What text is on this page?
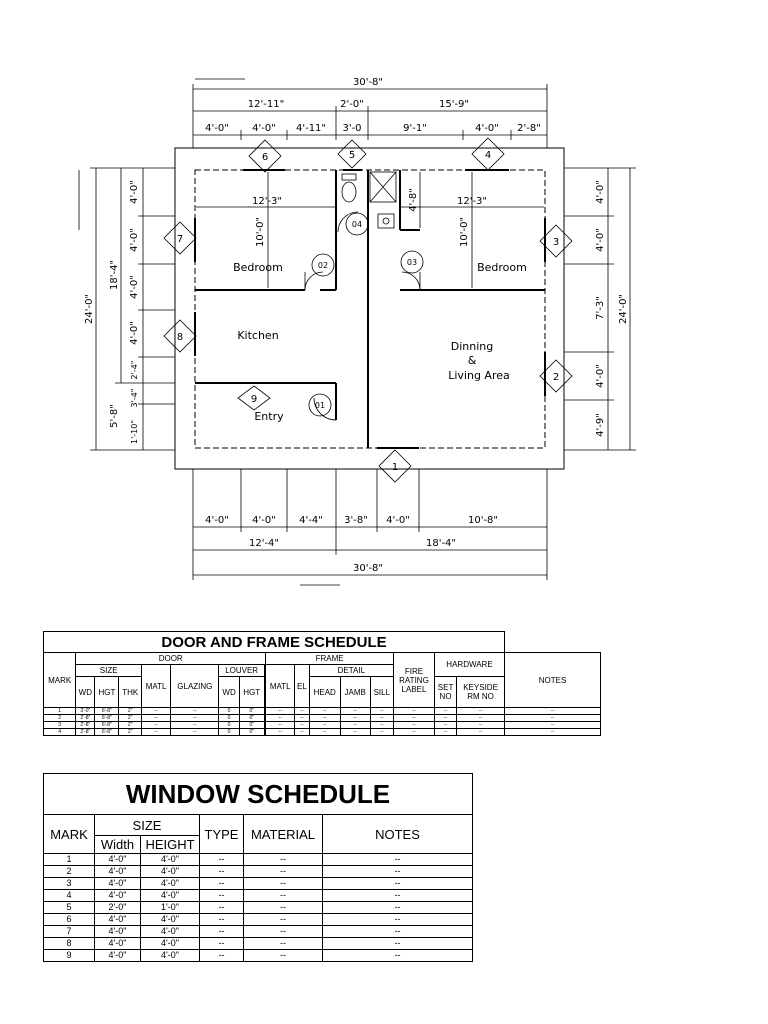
30'-8"
12'-11"	2'-0"	15'-9"
4'-0" 4'-0" 4'-11" 3'-0	9'-1"	4'-0" 2'-8"
4'-0" 4'-0" 4'-4" 3'-8" 4'-0"	10'-8"
12'-4"	18'-4"
30'-8"
12'-3"	12'-3"
24'-0"
18'-4"
5'-8"
4'-0"
4'-0"
4'-0"
4'-0"
2'-4"
3'-4"
1'-10"
4'-0"
4'-0"
7'-3"
4'-0"
4'-9"
24'-0"
10'-0"	10'-0"
4'-8"
Bedroom	Bedroom
Kitchen
Entry
Dinning
&
Living Area
1
2
3
4
5
6
7
8
9
01
02	03
04
DOOR AND FRAME SCHEDULE																
MARK	DOOR							FRAME					FIRE
RATING
LABEL	HARDWARE		NOTES
	SIZE			MATL	GLAZING	LOUVER		MATL	EL	DETAIL						
	WD	HGT	THK			WD	HGT			HEAD	JAMB	SILL		SET
NO	KEYSIDE
RM NO	
1	3'-0"	6'-8"	2"	--	--	0	0"		--	--	--	--	--	--	--	--	--
2	2'-8"	6'-8"	2"	--	--	0	0"		--	--	--	--	--	--	--	--	--
3	2'-8"	6'-8"	2"	--	--	0	0"		--	--	--	--	--	--	--	--	--
4	2'-8"	6'-8"	2"	--	--	0	0"		--	--	--	--	--	--	--	--	--
WINDOW SCHEDULE					
MARK	SIZE		TYPE	MATERIAL	NOTES
	Width	HEIGHT			
1	4'-0"	4'-0"	--	--	--
2	4'-0"	4'-0"	--	--	--
3	4'-0"	4'-0"	--	--	--
4	4'-0"	4'-0"	--	--	--
5	2'-0"	1'-0"	--	--	--
6	4'-0"	4'-0"	--	--	--
7	4'-0"	4'-0"	--	--	--
8	4'-0"	4'-0"	--	--	--
9	4'-0"	4'-0"	--	--	--
